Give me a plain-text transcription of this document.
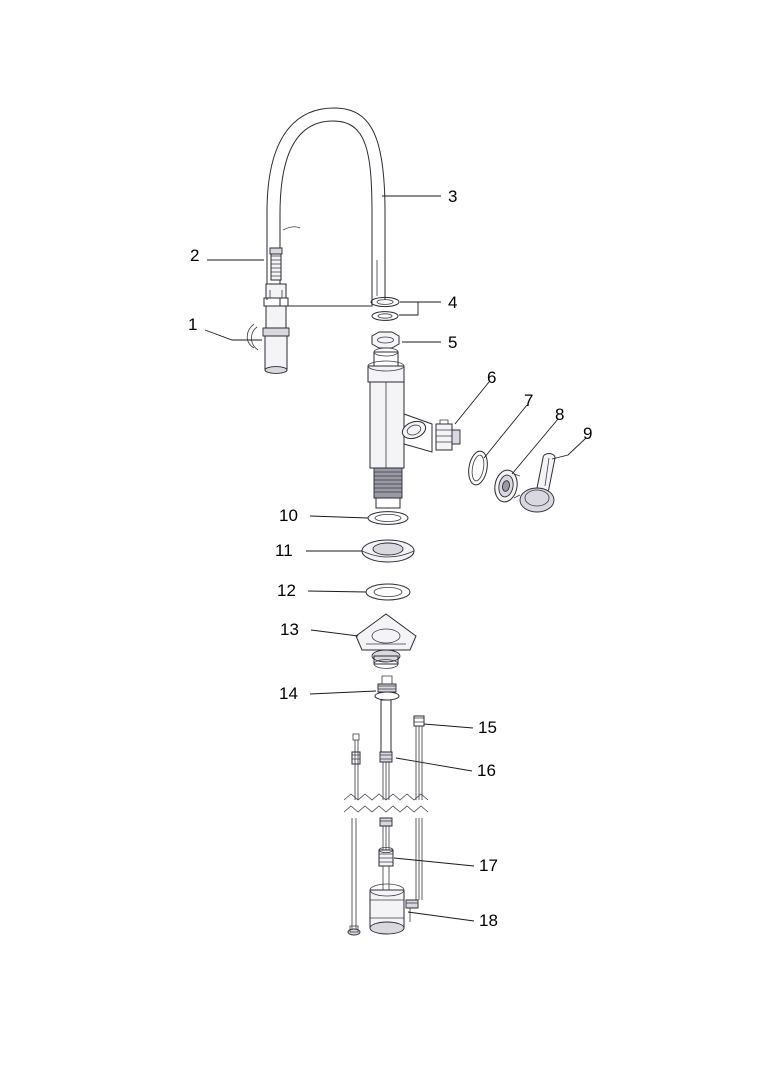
1
2
3
4
5
6
7
8
9
10
11
12
13
14
15
16
17
18
